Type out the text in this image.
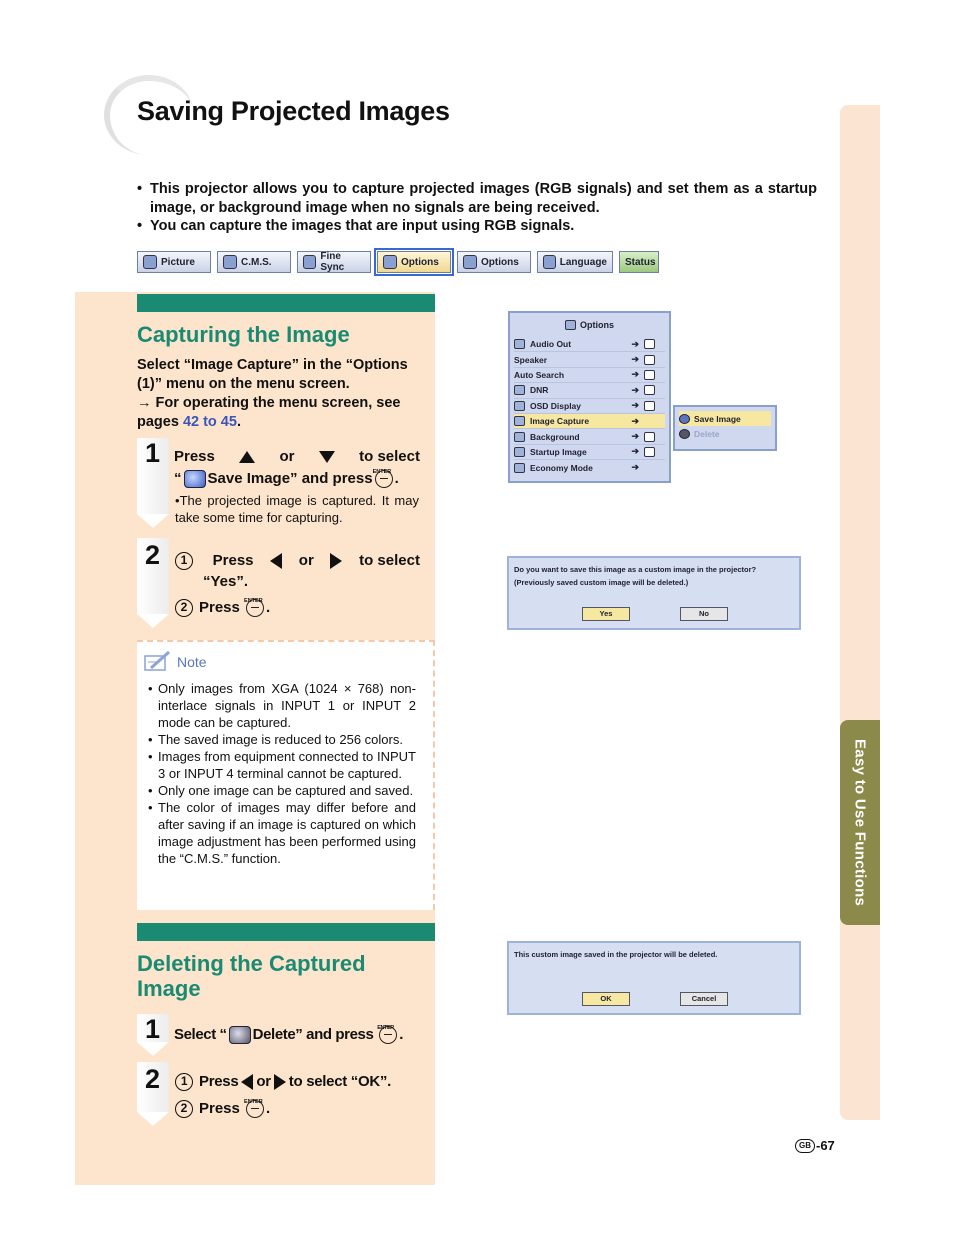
Easy to Use Functions
Saving Projected Images
• This projector allows you to capture projected images (RGB signals) and set them as a startup image, or background image when no signals are being received.
• You can capture the images that are input using RGB signals.
Picture	C.M.S.	Fine Sync	Options	Options	Language Status
Capturing the Image
Select “Image Capture” in the “Options (1)” menu on the menu screen.
→ For operating the menu screen, see pages 42 to 45.
1 Press	or	to select
“ Save Image” and press ENTER .
•The projected image is captured. It may take some time for capturing.
2	1	Press	or	to select
“Yes”.
2 Press ENTER .
Note
• Only images from XGA (1024 × 768) non-interlace signals in INPUT 1 or INPUT 2 mode can be captured.
• The saved image is reduced to 256 colors.
• Images from equipment connected to INPUT 3 or INPUT 4 terminal cannot be captured.
• Only one image can be captured and saved.
• The color of images may differ before and after saving if an image is captured on which image adjustment has been performed using the “C.M.S.” function.
Deleting the Captured Image
1 Select “ Delete” and press ENTER .
2	1 Press or to select “OK”.
2 Press ENTER .
Options
Audio Out	➔
Speaker	➔
Auto Search	➔
DNR	➔
OSD Display	➔
Image Capture	➔
Background	➔
Startup Image	➔
Economy Mode	➔
Save Image
Delete
Do you want to save this image as a custom image in the projector?
(Previously saved custom image will be deleted.)
Yes	No
This custom image saved in the projector will be deleted.
OK	Cancel
GB -67
